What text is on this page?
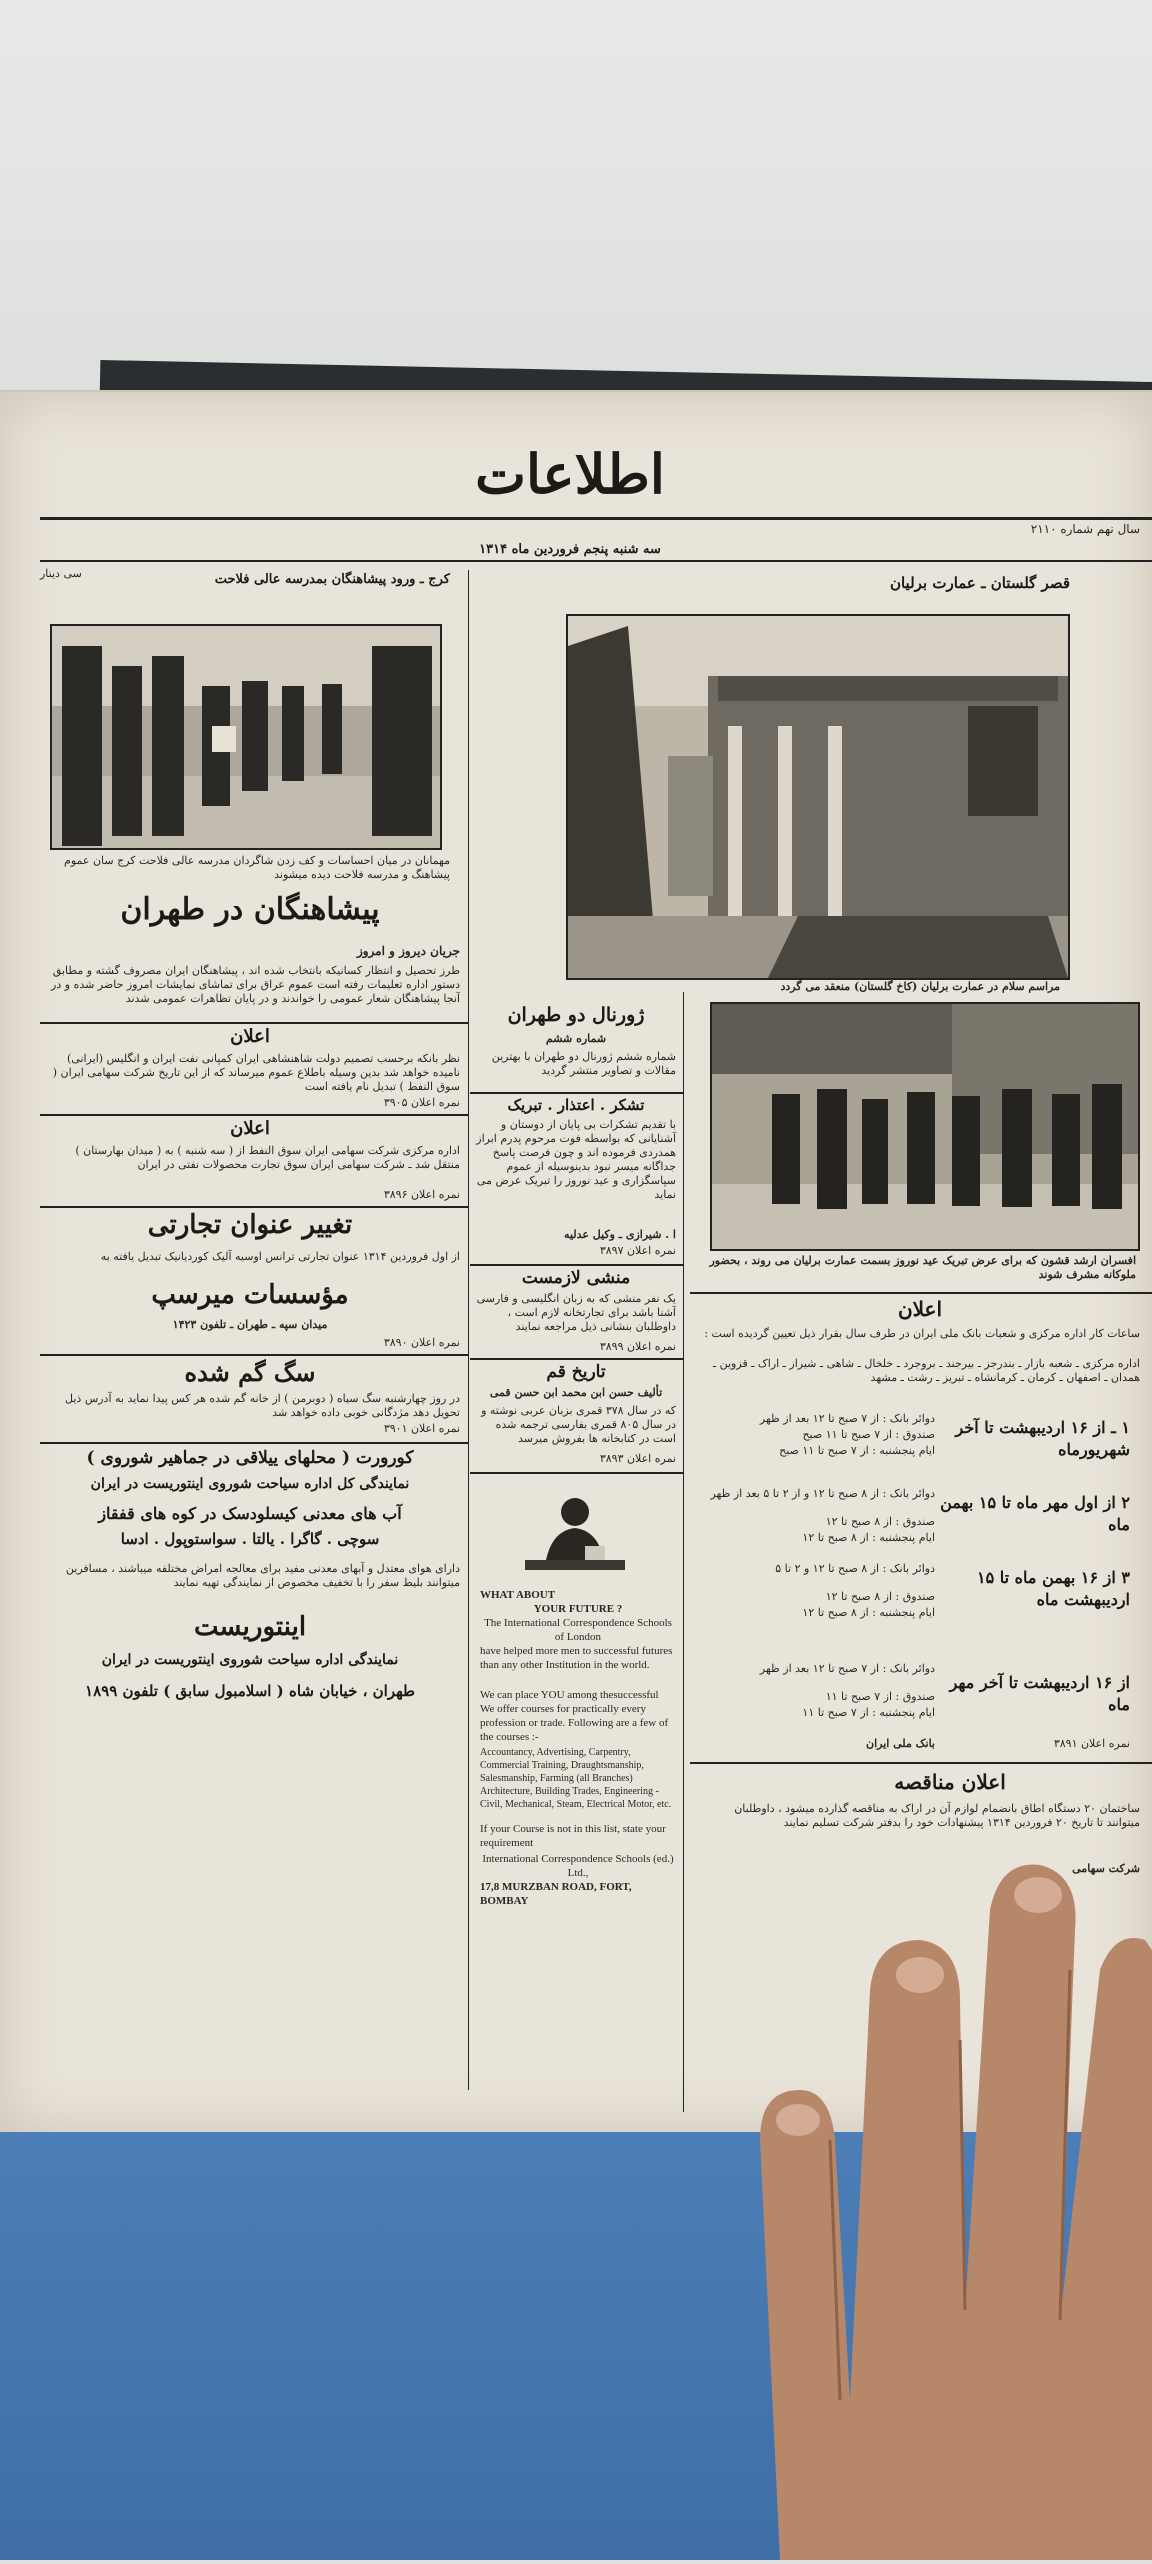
اطلاعات
سال نهم شماره ۲۱۱۰
سه شنبه پنجم فروردین ماه ۱۳۱۴
سی دینار
قصر گلستان ـ عمارت برلیان
مراسم سلام در عمارت برلیان (کاخ گلستان) منعقد می گردد
افسران ارشد قشون که برای عرض تبریک عید نوروز بسمت عمارت برلیان می روند ، بحضور ملوکانه مشرف شوند
اعلان
ساعات کار اداره مرکزی و شعبات بانک ملی ایران در طرف سال بقرار ذیل تعیین گردیده است :
اداره مرکزی ـ شعبه بازار ـ بندرجز ـ بیرجند ـ بروجرد ـ خلخال ـ شاهی ـ شیراز ـ اراک ـ قزوین ـ همدان ـ اصفهان ـ کرمان ـ کرمانشاه ـ تبریز ـ رشت ـ مشهد
۱ ـ از ۱۶ اردیبهشت تا آخر شهریورماه
دوائر بانک : از ۷ صبح تا ۱۲ بعد از ظهر
صندوق : از ۷ صبح تا ۱۱ صبح
ایام پنجشنبه : از ۷ صبح تا ۱۱ صبح
۲ از اول مهر ماه تا ۱۵ بهمن ماه
دوائر بانک : از ۸ صبح تا ۱۲ و از ۲ تا ۵ بعد از ظهر
صندوق : از ۸ صبح تا ۱۲
ایام پنجشنبه : از ۸ صبح تا ۱۲
۳ از ۱۶ بهمن ماه تا ۱۵ اردیبهشت ماه
دوائر بانک : از ۸ صبح تا ۱۲ و ۲ تا ۵
صندوق : از ۸ صبح تا ۱۲
ایام پنجشنبه : از ۸ صبح تا ۱۲
از ۱۶ اردیبهشت تا آخر مهر ماه
دوائر بانک : از ۷ صبح تا ۱۲ بعد از ظهر
صندوق : از ۷ صبح تا ۱۱
ایام پنجشنبه : از ۷ صبح تا ۱۱
بانک ملی ایران	نمره اعلان ۳۸۹۱
اعلان مناقصه
ساختمان ۲۰ دستگاه اطاق بانضمام لوازم آن در اراک به مناقصه گذارده میشود ، داوطلبان میتوانند تا تاریخ ۲۰ فروردین ۱۳۱۴ پیشنهادات خود را بدفتر شرکت تسلیم نمایند
شرکت سهامی
کرج ـ ورود پیشاهنگان بمدرسه عالی فلاحت
مهمانان در میان احساسات و کف زدن شاگردان مدرسه عالی فلاحت کرج سان عموم پیشاهنگ و مدرسه فلاحت دیده میشوند
پیشاهنگان در طهران
جریان دیروز و امروز
طرز تحصیل و انتظار کسانیکه بانتخاب شده اند ، پیشاهنگان ایران مصروف گشته و مطابق دستور اداره تعلیمات رفته است عموم عراق برای تماشای نمایشات امروز حاضر شده و در آنجا پیشاهنگان شعار عمومی را خواندند و در پایان تظاهرات عمومی شدند
اعلان
نظر بانکه برحسب تصمیم دولت شاهنشاهی ایران کمپانی نفت ایران و انگلیس (ایرانی) نامیده خواهد شد بدین وسیله باطلاع عموم میرساند که از این تاریخ شرکت سهامی ایران ( سوق النفط ) تبدیل نام یافته است
نمره اعلان ۳۹۰۵
اعلان
اداره مرکزی شرکت سهامی ایران سوق النفط از ( سه شنبه ) به ( میدان بهارستان ) منتقل شد ـ شرکت سهامی ایران سوق تجارت محصولات نفتی در ایران
نمره اعلان ۳۸۹۶
تغییر عنوان تجارتی
از اول فروردین ۱۳۱۴ عنوان تجارتی ترانس اوسیه آلیک کوردیانیک تبدیل یافته به
مؤسسات میرسپ
میدان سپه ـ طهران ـ تلفون ۱۴۲۳
نمره اعلان ۳۸۹۰
سگ گم شده
در روز چهارشنبه سگ سیاه ( دوبرمن ) از خانه گم شده هر کس پیدا نماید به آدرس ذیل تحویل دهد مژدگانی خوبی داده خواهد شد
نمره اعلان ۳۹۰۱
کورورت ( محلهای ییلاقی در جماهیر شوروی )
نمایندگی کل اداره سیاحت شوروی اینتوریست در ایران
آب های معدنی کیسلودسک در کوه های قفقاز
سوچی . گاگرا . یالتا . سواستوپول . ادسا
دارای هوای معتدل و آبهای معدنی مفید برای معالجه امراض مختلفه میباشند ، مسافرین میتوانند بلیط سفر را با تخفیف مخصوص از نمایندگی تهیه نمایند
اینتوریست
نمایندگی اداره سیاحت شوروی اینتوریست در ایران
طهران ، خیابان شاه ( اسلامبول سابق ) تلفون ۱۸۹۹
ژورنال دو طهران
شماره ششم
شماره ششم ژورنال دو طهران با بهترین مقالات و تصاویر منتشر گردید
تشکر . اعتذار . تبریک
با تقدیم تشکرات بی پایان از دوستان و آشنایانی که بواسطه فوت مرحوم پدرم ابراز همدردی فرموده اند و چون فرصت پاسخ جداگانه میسر نبود بدینوسیله از عموم سپاسگزاری و عید نوروز را تبریک عرض می نماید
ا . شیرازی ـ وکیل عدلیه
نمره اعلان ۳۸۹۷
منشی لازمست
یک نفر منشی که به زبان انگلیسی و فارسی آشنا باشد برای تجارتخانه لازم است ، داوطلبان بنشانی ذیل مراجعه نمایند
نمره اعلان ۳۸۹۹
تاریخ قم
تألیف حسن ابن محمد ابن حسن قمی
که در سال ۳۷۸ قمری بزبان عربی نوشته و در سال ۸۰۵ قمری بفارسی ترجمه شده است در کتابخانه ها بفروش میرسد
نمره اعلان ۳۸۹۳
WHAT ABOUT
YOUR FUTURE ?
The International Correspondence Schools of London
have helped more men to successful futures than any other Institution in the world.
We can place YOU among thesuccessful
We offer courses for practically every profession or trade. Following are a few of the courses :-
Accountancy, Advertising, Carpentry, Commercial Training, Draughtsmanship, Salesmanship, Farming (all Branches) Architecture, Building Trades, Engineering - Civil, Mechanical, Steam, Electrical Motor, etc.
If your Course is not in this list, state your requirement
International Correspondence Schools (ed.) Ltd.,
17,8 MURZBAN ROAD, FORT, BOMBAY
